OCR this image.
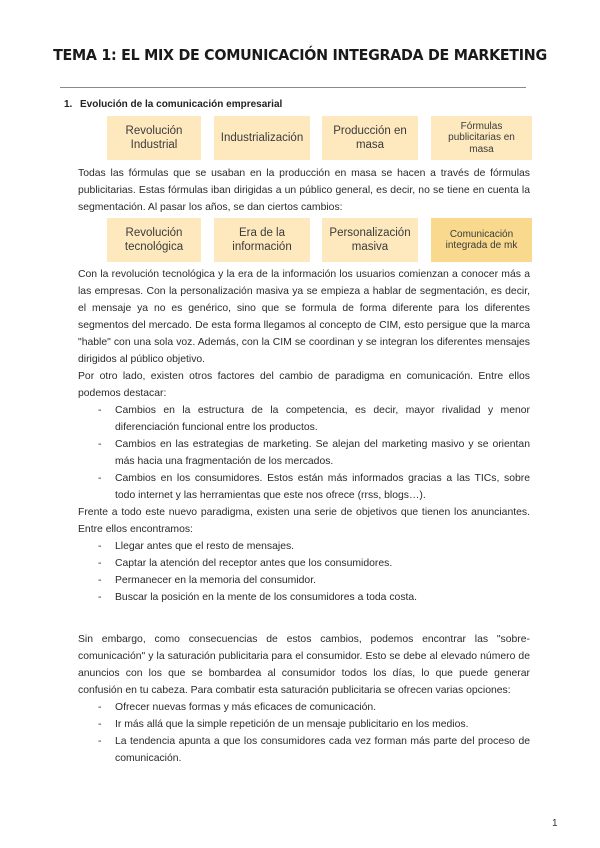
TEMA 1: EL MIX DE COMUNICACIÓN INTEGRADA DE MARKETING
1. Evolución de la comunicación empresarial
Revolución Industrial
Industrialización
Producción en masa
Fórmulas publicitarias en masa
Todas las fórmulas que se usaban en la producción en masa se hacen a través de fórmulas publicitarias. Estas fórmulas iban dirigidas a un público general, es decir, no se tiene en cuenta la segmentación. Al pasar los años, se dan ciertos cambios:
Revolución tecnológica
Era de la información
Personalización masiva
Comunicación integrada de mk

Con la revolución tecnológica y la era de la información los usuarios comienzan a conocer más a las empresas. Con la personalización masiva ya se empieza a hablar de segmentación, es decir, el mensaje ya no es genérico, sino que se formula de forma diferente para los diferentes segmentos del mercado. De esta forma llegamos al concepto de CIM, esto persigue que la marca "hable" con una sola voz. Además, con la CIM se coordinan y se integran los diferentes mensajes dirigidos al público objetivo.

Por otro lado, existen otros factores del cambio de paradigma en comunicación. Entre ellos podemos destacar:

- Cambios en la estructura de la competencia, es decir, mayor rivalidad y menor diferenciación funcional entre los productos.
- Cambios en las estrategias de marketing. Se alejan del marketing masivo y se orientan más hacia una fragmentación de los mercados.
- Cambios en los consumidores. Estos están más informados gracias a las TICs, sobre todo internet y las herramientas que este nos ofrece (rrss, blogs…).

Frente a todo este nuevo paradigma, existen una serie de objetivos que tienen los anunciantes. Entre ellos encontramos:

- Llegar antes que el resto de mensajes.
- Captar la atención del receptor antes que los consumidores.
- Permanecer en la memoria del consumidor.
- Buscar la posición en la mente de los consumidores a toda costa.

Sin embargo, como consecuencias de estos cambios, podemos encontrar las "sobre-comunicación" y la saturación publicitaria para el consumidor. Esto se debe al elevado número de anuncios con los que se bombardea al consumidor todos los días, lo que puede generar confusión en tu cabeza. Para combatir esta saturación publicitaria se ofrecen varias opciones:

- Ofrecer nuevas formas y más eficaces de comunicación.
- Ir más allá que la simple repetición de un mensaje publicitario en los medios.
- La tendencia apunta a que los consumidores cada vez forman más parte del proceso de comunicación.
1
